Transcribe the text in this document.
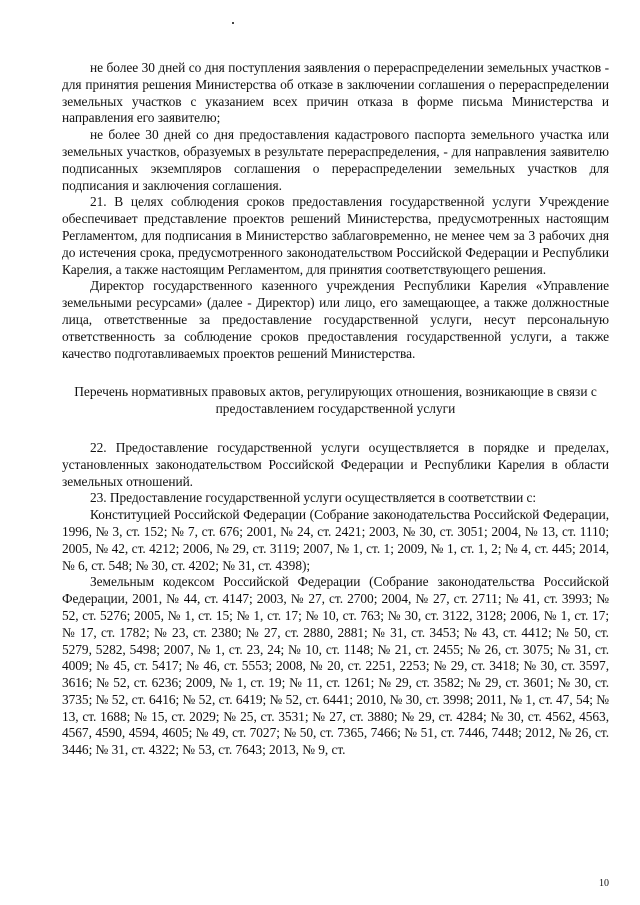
не более 30 дней со дня поступления заявления о перераспределении земельных участков - для принятия решения Министерства об отказе в заключении соглашения о перераспределении земельных участков с указанием всех причин отказа в форме письма Министерства и направления его заявителю;

не более 30 дней со дня предоставления кадастрового паспорта земельного участка или земельных участков, образуемых в результате перераспределения, - для направления заявителю подписанных экземпляров соглашения о перераспределении земельных участков для подписания и заключения соглашения.

21. В целях соблюдения сроков предоставления государственной услуги Учреждение обеспечивает представление проектов решений Министерства, предусмотренных настоящим Регламентом, для подписания в Министерство заблаговременно, не менее чем за 3 рабочих дня до истечения срока, предусмотренного законодательством Российской Федерации и Республики Карелия, а также настоящим Регламентом, для принятия соответствующего решения.

Директор государственного казенного учреждения Республики Карелия «Управление земельными ресурсами» (далее - Директор) или лицо, его замещающее, а также должностные лица, ответственные за предоставление государственной услуги, несут персональную ответственность за соблюдение сроков предоставления государственной услуги, а также качество подготавливаемых проектов решений Министерства.

Перечень нормативных правовых актов, регулирующих отношения, возникающие в связи с предоставлением государственной услуги

22. Предоставление государственной услуги осуществляется в порядке и пределах, установленных законодательством Российской Федерации и Республики Карелия в области земельных отношений.

23. Предоставление государственной услуги осуществляется в соответствии с:

Конституцией Российской Федерации (Собрание законодательства Российской Федерации, 1996, № 3, ст. 152; № 7, ст. 676; 2001, № 24, ст. 2421; 2003, № 30, ст. 3051; 2004, № 13, ст. 1110; 2005, № 42, ст. 4212; 2006, № 29, ст. 3119; 2007, № 1, ст. 1; 2009, № 1, ст. 1, 2; № 4, ст. 445; 2014, № 6, ст. 548; № 30, ст. 4202; № 31, ст. 4398);

Земельным кодексом Российской Федерации (Собрание законодательства Российской Федерации, 2001, № 44, ст. 4147; 2003, № 27, ст. 2700; 2004, № 27, ст. 2711; № 41, ст. 3993; № 52, ст. 5276; 2005, № 1, ст. 15; № 1, ст. 17; № 10, ст. 763; № 30, ст. 3122, 3128; 2006, № 1, ст. 17; № 17, ст. 1782; № 23, ст. 2380; № 27, ст. 2880, 2881; № 31, ст. 3453; № 43, ст. 4412; № 50, ст. 5279, 5282, 5498; 2007, № 1, ст. 23, 24; № 10, ст. 1148; № 21, ст. 2455; № 26, ст. 3075; № 31, ст. 4009; № 45, ст. 5417; № 46, ст. 5553; 2008, № 20, ст. 2251, 2253; № 29, ст. 3418; № 30, ст. 3597, 3616; № 52, ст. 6236; 2009, № 1, ст. 19; № 11, ст. 1261; № 29, ст. 3582; № 29, ст. 3601; № 30, ст. 3735; № 52, ст. 6416; № 52, ст. 6419; № 52, ст. 6441; 2010, № 30, ст. 3998; 2011, № 1, ст. 47, 54; № 13, ст. 1688; № 15, ст. 2029; № 25, ст. 3531; № 27, ст. 3880; № 29, ст. 4284; № 30, ст. 4562, 4563, 4567, 4590, 4594, 4605; № 49, ст. 7027; № 50, ст. 7365, 7466; № 51, ст. 7446, 7448; 2012, № 26, ст. 3446; № 31, ст. 4322; № 53, ст. 7643; 2013, № 9, ст.

10
